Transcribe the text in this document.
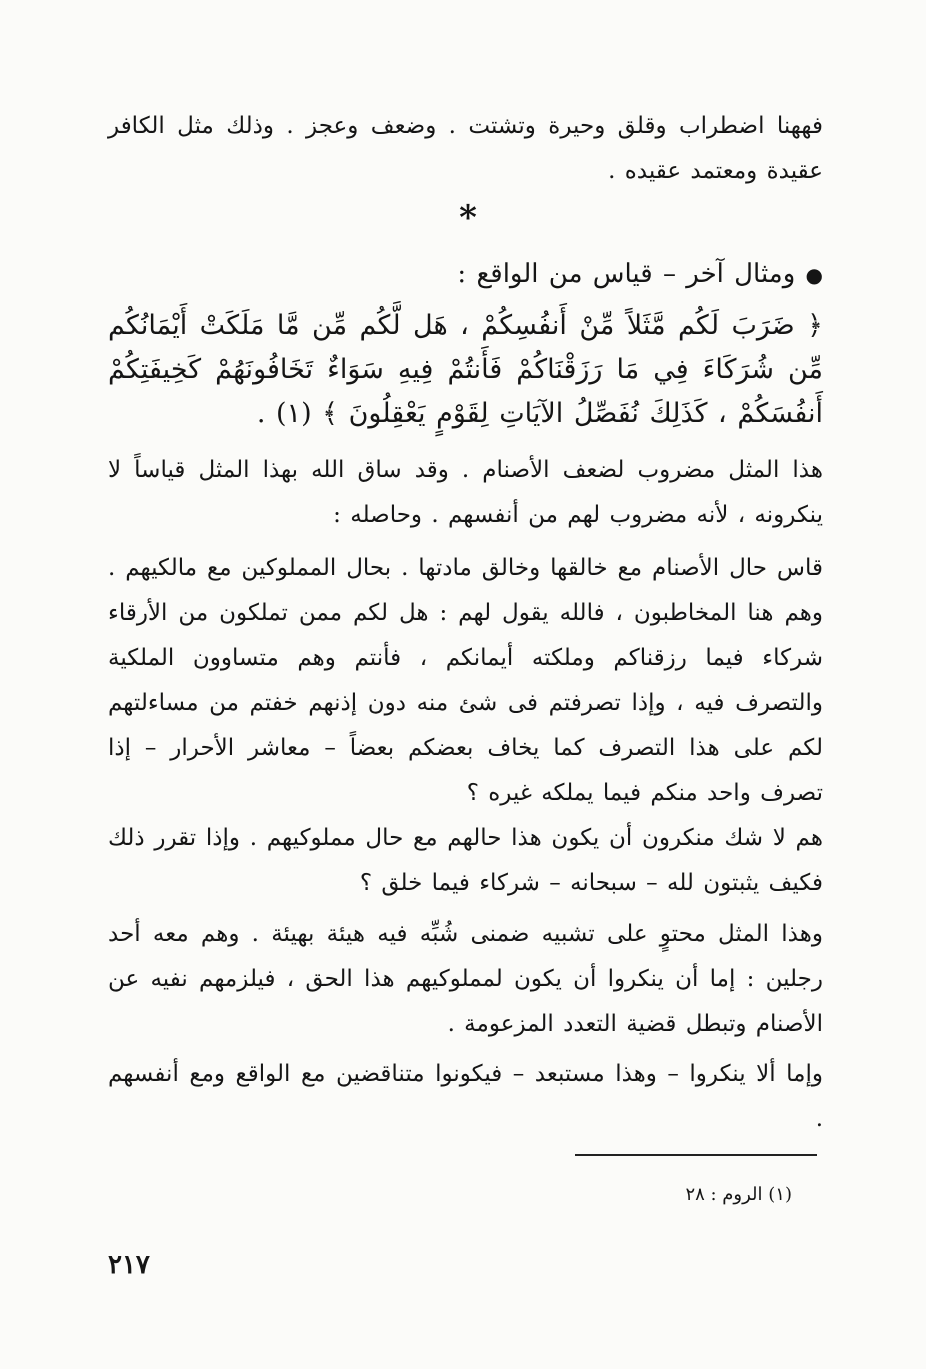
فههنا اضطراب وقلق وحيرة وتشتت . وضعف وعجز . وذلك مثل الكافر عقيدة ومعتمد عقيده .

*

● ومثال آخر – قياس من الواقع :

﴿ ضَرَبَ لَكُم مَّثَلاً مِّنْ أَنفُسِكُمْ ، هَل لَّكُم مِّن مَّا مَلَكَتْ أَيْمَانُكُم مِّن شُرَكَاءَ فِي مَا رَزَقْنَاكُمْ فَأَنتُمْ فِيهِ سَوَاءٌ تَخَافُونَهُمْ كَخِيفَتِكُمْ أَنفُسَكُمْ ، كَذَلِكَ نُفَصِّلُ الآيَاتِ لِقَوْمٍ يَعْقِلُونَ ﴾ (١) .

هذا المثل مضروب لضعف الأصنام . وقد ساق الله بهذا المثل قياساً لا ينكرونه ، لأنه مضروب لهم من أنفسهم . وحاصله :

قاس حال الأصنام مع خالقها وخالق مادتها . بحال المملوكين مع مالكيهم . وهم هنا المخاطبون ، فالله يقول لهم : هل لكم ممن تملكون من الأرقاء شركاء فيما رزقناكم وملكته أيمانكم ، فأنتم وهم متساوون الملكية والتصرف فيه ، وإذا تصرفتم فى شئ منه دون إذنهم خفتم من مساءلتهم لكم على هذا التصرف كما يخاف بعضكم بعضاً – معاشر الأحرار – إذا تصرف واحد منكم فيما يملكه غيره ؟

هم لا شك منكرون أن يكون هذا حالهم مع حال مملوكيهم . وإذا تقرر ذلك فكيف يثبتون لله – سبحانه – شركاء فيما خلق ؟

وهذا المثل محتوٍ على تشبيه ضمنى شُبِّه فيه هيئة بهيئة . وهم معه أحد رجلين : إما أن ينكروا أن يكون لمملوكيهم هذا الحق ، فيلزمهم نفيه عن الأصنام وتبطل قضية التعدد المزعومة .

وإما ألا ينكروا – وهذا مستبعد – فيكونوا متناقضين مع الواقع ومع أنفسهم .

(١) الروم : ٢٨
٢١٧
